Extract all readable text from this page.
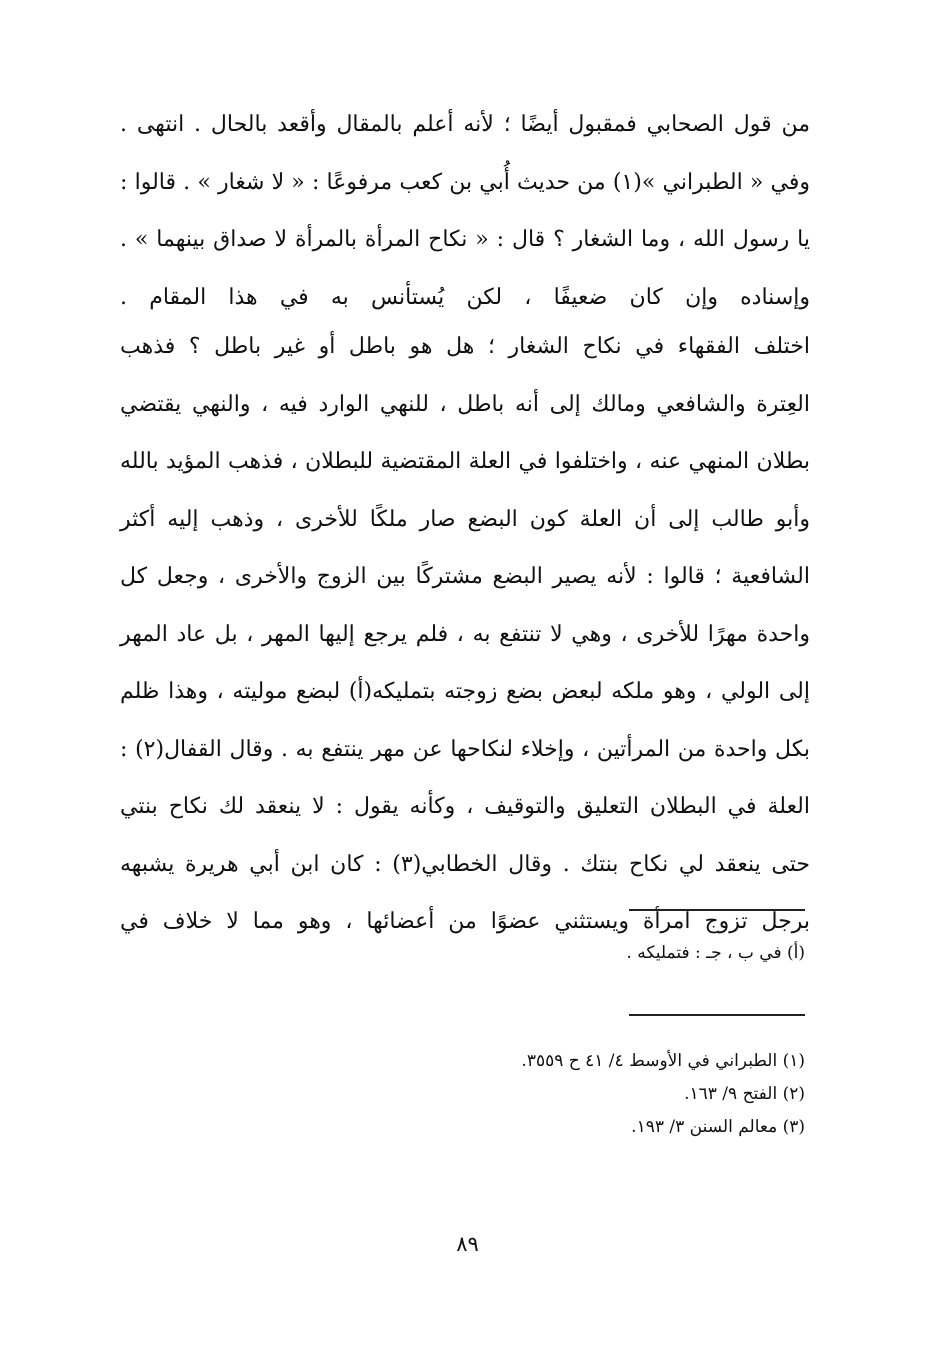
من قول الصحابي فمقبول أيضًا ؛ لأنه أعلم بالمقال وأقعد بالحال . انتهى .
وفي « الطبراني »(١) من حديث أُبي بن كعب مرفوعًا : « لا شغار » . قالوا :
يا رسول الله ، وما الشغار ؟ قال : « نكاح المرأة بالمرأة لا صداق بينهما » .
وإسناده وإن كان ضعيفًا ، لكن يُستأنس به في هذا المقام .
اختلف الفقهاء في نكاح الشغار ؛ هل هو باطل أو غير باطل ؟ فذهب
العِترة والشافعي ومالك إلى أنه باطل ، للنهي الوارد فيه ، والنهي يقتضي
بطلان المنهي عنه ، واختلفوا في العلة المقتضية للبطلان ، فذهب المؤيد بالله
وأبو طالب إلى أن العلة كون البضع صار ملكًا للأخرى ، وذهب إليه أكثر
الشافعية ؛ قالوا : لأنه يصير البضع مشتركًا بين الزوج والأخرى ، وجعل كل
واحدة مهرًا للأخرى ، وهي لا تنتفع به ، فلم يرجع إليها المهر ، بل عاد المهر
إلى الولي ، وهو ملكه لبعض بضع زوجته بتمليكه(أ) لبضع موليته ، وهذا ظلم
بكل واحدة من المرأتين ، وإخلاء لنكاحها عن مهر ينتفع به . وقال القفال(٢) :
العلة في البطلان التعليق والتوقيف ، وكأنه يقول : لا ينعقد لك نكاح بنتي
حتى ينعقد لي نكاح بنتك . وقال الخطابي(٣) : كان ابن أبي هريرة يشبهه
برجل تزوج امرأة ويستثني عضوًا من أعضائها ، وهو مما لا خلاف في
(أ) في ب ، جـ : فتمليكه .
(١) الطبراني في الأوسط ٤/ ٤١ ح ٣٥٥٩.
(٢) الفتح ٩/ ١٦٣.
(٣) معالم السنن ٣/ ١٩٣.
٨٩
